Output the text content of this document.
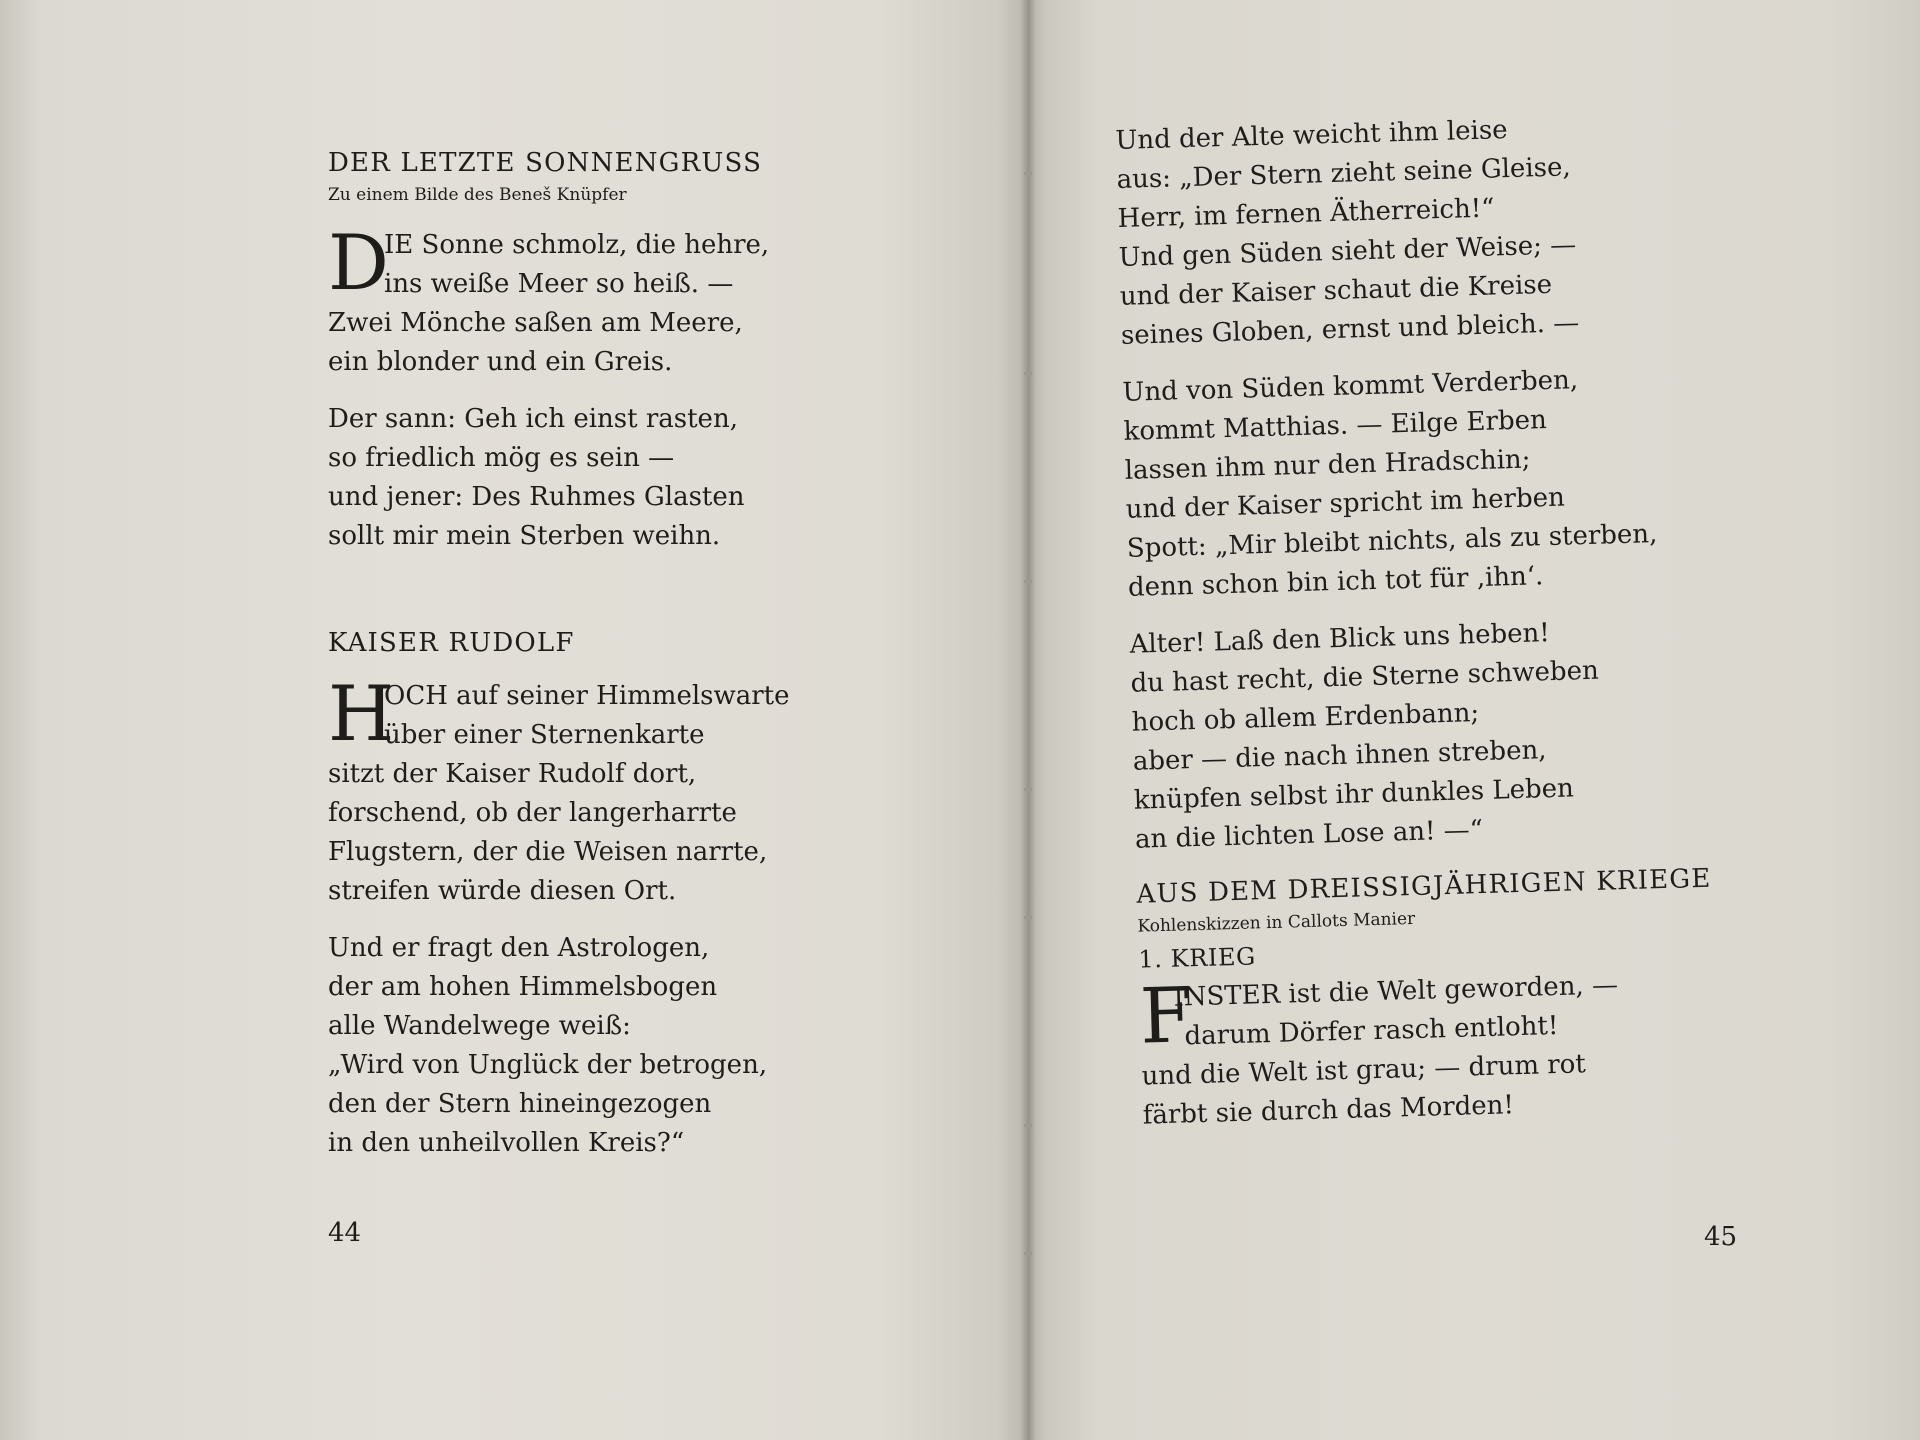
DER LETZTE SONNENGRUSS
Zu einem Bilde des Beneš Knüpfer
D
IE Sonne schmolz, die hehre,
ins weiße Meer so heiß. —
Zwei Mönche saßen am Meere,
ein blonder und ein Greis.
Der sann: Geh ich einst rasten,
so friedlich mög es sein —
und jener: Des Ruhmes Glasten
sollt mir mein Sterben weihn.
KAISER RUDOLF
H
OCH auf seiner Himmelswarte
über einer Sternenkarte
sitzt der Kaiser Rudolf dort,
forschend, ob der langerharrte
Flugstern, der die Weisen narrte,
streifen würde diesen Ort.
Und er fragt den Astrologen,
der am hohen Himmelsbogen
alle Wandelwege weiß:
„Wird von Unglück der betrogen,
den der Stern hineingezogen
in den unheilvollen Kreis?“
44
Und der Alte weicht ihm leise
aus: „Der Stern zieht seine Gleise,
Herr, im fernen Ätherreich!“
Und gen Süden sieht der Weise; —
und der Kaiser schaut die Kreise
seines Globen, ernst und bleich. —
Und von Süden kommt Verderben,
kommt Matthias. — Eilge Erben
lassen ihm nur den Hradschin;
und der Kaiser spricht im herben
Spott: „Mir bleibt nichts, als zu sterben,
denn schon bin ich tot für ‚ihn‘.
Alter! Laß den Blick uns heben!
du hast recht, die Sterne schweben
hoch ob allem Erdenbann;
aber — die nach ihnen streben,
knüpfen selbst ihr dunkles Leben
an die lichten Lose an! —“
AUS DEM DREISSIGJÄHRIGEN KRIEGE
Kohlenskizzen in Callots Manier
1. KRIEG
F
INSTER ist die Welt geworden, —
darum Dörfer rasch entloht!
und die Welt ist grau; — drum rot
färbt sie durch das Morden!
45
